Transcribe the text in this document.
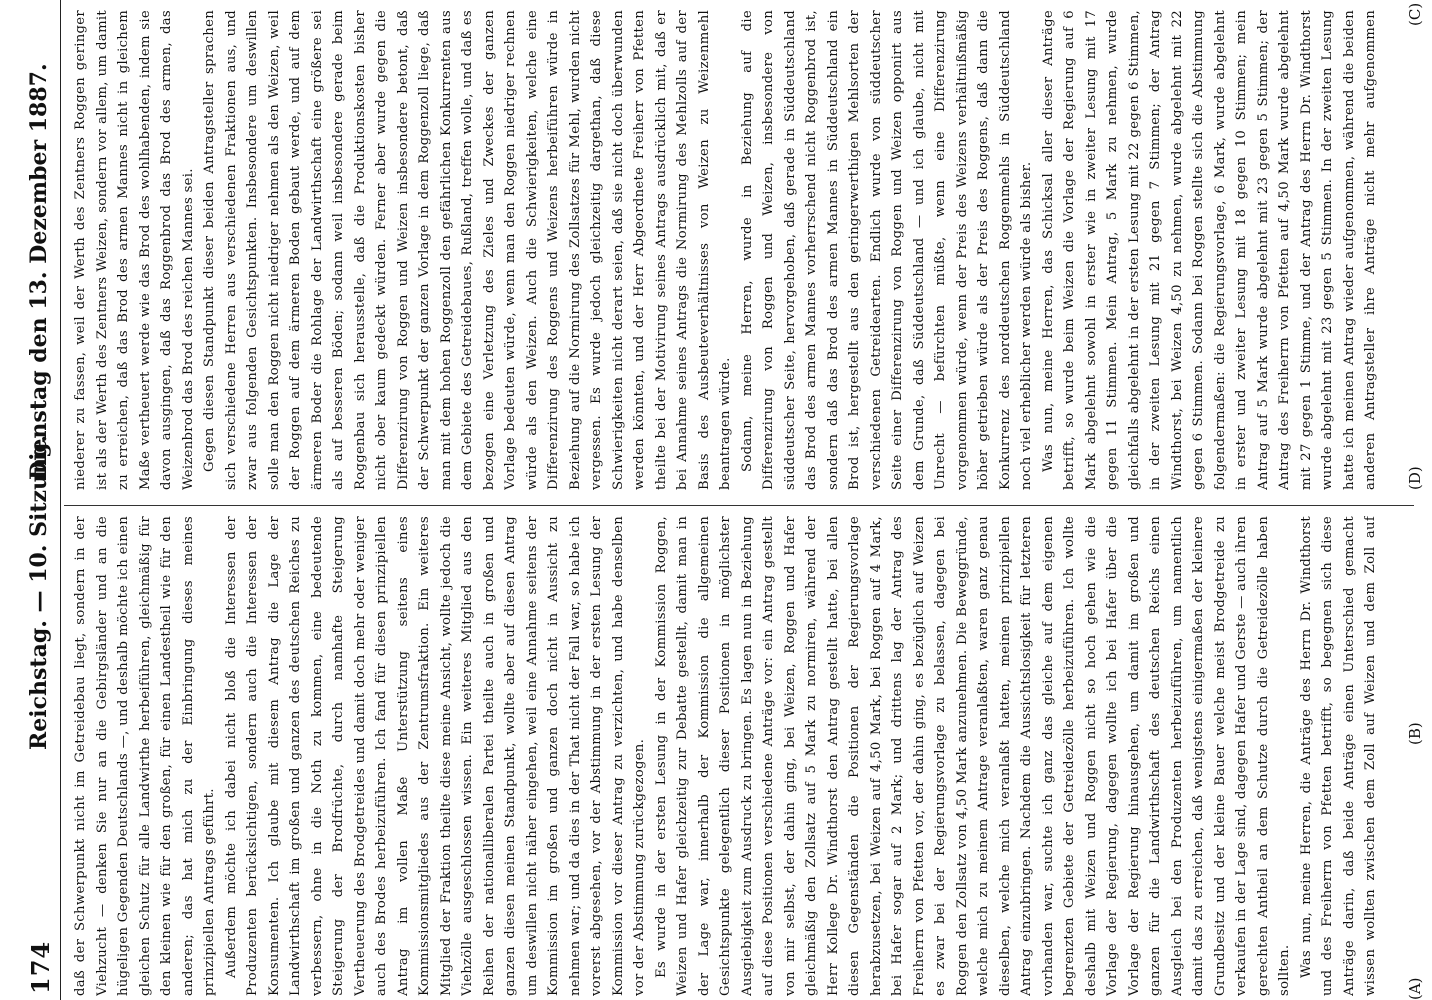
174
Reichstag. — 10. Sitzung.
Dienstag den 13. Dezember 1887.
(A)
(B)
(C)
(D)

daß der Schwerpunkt nicht im Getreidebau liegt, sondern in der Viehzucht — denken Sie nur an die Gebirgsländer und an die hügeligen Gegenden Deutschlands —, und deshalb möchte ich einen gleichen Schutz für alle Landwirthe herbeiführen, gleichmäßig für den kleinen wie für den großen, für einen Landestheil wie für den anderen; das hat mich zu der Einbringung dieses meines prinzipiellen Antrags geführt. Außerdem möchte ich dabei nicht bloß die Interessen der Produzenten berücksichtigen, sondern auch die Interessen der Konsumenten. Ich glaube mit diesem Antrag die Lage der Landwirthschaft im großen und ganzen des deutschen Reiches zu verbessern, ohne in die Noth zu kommen, eine bedeutende Steigerung der Brodfrüchte, durch namhafte Steigerung Vertheuerung des Brodgetreides und damit doch mehr oder weniger auch des Brodes herbeizuführen. Ich fand für diesen prinzipiellen Antrag im vollen Maße Unterstützung seitens eines Kommissionsmitgliedes aus der Zentrumsfraktion. Ein weiteres Mitglied der Fraktion theilte diese meine Ansicht, wollte jedoch die Viehzölle ausgeschlossen wissen. Ein weiteres Mitglied aus den Reihen der nationalliberalen Partei theilte auch in großen und ganzen diesen meinen Standpunkt, wollte aber auf diesen Antrag um deswillen nicht näher eingehen, weil eine Annahme seitens der Kommission im großen und ganzen doch nicht in Aussicht zu nehmen war; und da dies in der That nicht der Fall war, so habe ich vorerst abgesehen, vor der Abstimmung in der ersten Lesung der Kommission vor dieser Antrag zu verzichten, und habe denselben vor der Abstimmung zurückgezogen. Es wurde in der ersten Lesung in der Kommission Roggen, Weizen und Hafer gleichzeitig zur Debatte gestellt, damit man in der Lage war, innerhalb der Kommission die allgemeinen Gesichtspunkte gelegentlich dieser Positionen in möglichster Ausgiebigkeit zum Ausdruck zu bringen. Es lagen nun in Beziehung auf diese Positionen verschiedene Anträge vor: ein Antrag gestellt von mir selbst, der dahin ging, bei Weizen, Roggen und Hafer gleichmäßig den Zollsatz auf 5 Mark zu normiren, während der Herr Kollege Dr. Windthorst den Antrag gestellt hatte, bei allen diesen Gegenständen die Positionen der Regierungsvorlage herabzusetzen, bei Weizen auf 4,50 Mark, bei Roggen auf 4 Mark, bei Hafer sogar auf 2 Mark; und drittens lag der Antrag des Freiherrn von Pfetten vor, der dahin ging, es bezüglich auf Weizen es zwar bei der Regierungsvorlage zu belassen, dagegen bei Roggen den Zollsatz von 4,50 Mark anzunehmen. Die Beweggründe, welche mich zu meinem Antrage veranlaßten, waren ganz genau dieselben, welche mich veranlaßt hatten, meinen prinzipiellen Antrag einzubringen. Nachdem die Aussichtslosigkeit für letzteren vorhanden war, suchte ich ganz das gleiche auf dem eigenen begrenzten Gebiete der Getreidezölle herbeizuführen. Ich wollte deshalb mit Weizen und Roggen nicht so hoch gehen wie die Vorlage der Regierung, dagegen wollte ich bei Hafer über die Vorlage der Regierung hinausgehen, um damit im großen und ganzen für die Landwirthschaft des deutschen Reichs einen Ausgleich bei den Produzenten herbeizuführen, um namentlich damit das zu erreichen, daß wenigstens einigermaßen der kleinere Grundbesitz und der kleine Bauer welche meist Brodgetreide zu verkaufen in der Lage sind, dagegen Hafer und Gerste — auch ihren gerechten Antheil an dem Schutze durch die Getreidezölle haben sollten. Was nun, meine Herren, die Anträge des Herrn Dr. Windthorst und des Freiherrn von Pfetten betrifft, so begegnen sich diese Anträge darin, daß beide Anträge einen Unterschied gemacht wissen wollten zwischen dem Zoll auf Weizen und dem Zoll auf

niederer zu fassen, weil der Werth des Zentners Roggen geringer ist als der Werth des Zentners Weizen, sondern vor allem, um damit zu erreichen, daß das Brod des armen Mannes nicht in gleichem Maße vertheuert werde wie das Brod des wohlhabenden, indem sie davon ausgingen, daß das Roggenbrod das Brod des armen, das Weizenbrod das Brod des reichen Mannes sei. Gegen diesen Standpunkt dieser beiden Antragsteller sprachen sich verschiedene Herren aus verschiedenen Fraktionen aus, und zwar aus folgenden Gesichtspunkten. Insbesondere um deswillen solle man den Roggen nicht niedriger nehmen als den Weizen, weil der Roggen auf dem ärmeren Boden gebaut werde, und auf dem ärmeren Boder die Rohlage der Landwirthschaft eine größere sei als auf besseren Böden; sodann weil insbesondere gerade beim Roggenbau sich herausstelle, daß die Produktionskosten bisher nicht ober kaum gedeckt würden. Ferner aber wurde gegen die Differenzirung von Roggen und Weizen insbesondere betont, daß der Schwerpunkt der ganzen Vorlage in dem Roggenzoll liege, daß man mit dem hohen Roggenzoll den gefährlichen Konkurrenten aus dem Gebiete des Getreidebaues, Rußland, treffen wolle, und daß es bezogen eine Verletzung des Zieles und Zweckes der ganzen Vorlage bedeuten würde, wenn man den Roggen niedriger rechnen würde als den Weizen. Auch die Schwierigkeiten, welche eine Differenzirung des Roggens und Weizens herbeiführen würde in Beziehung auf die Normirung des Zollsatzes für Mehl, wurden nicht vergessen. Es wurde jedoch gleichzeitig dargethan, daß diese Schwierigkeiten nicht derart seien, daß sie nicht doch überwunden werden könnten, und der Herr Abgeordnete Freiherr von Pfetten theilte bei der Motivirung seines Antrags ausdrücklich mit, daß er bei Annahme seines Antrags die Normirung des Mehlzolls auf der Basis des Ausbeuteverhältnisses von Weizen zu Weizenmehl beantragen würde. Sodann, meine Herren, wurde in Beziehung auf die Differenzirung von Roggen und Weizen, insbesondere von süddeutscher Seite, hervorgehoben, daß gerade in Süddeutschland das Brod des armen Mannes vorherrschend nicht Roggenbrod ist, sondern daß das Brod des armen Mannes in Süddeutschland ein Brod ist, hergestellt aus den geringerwerthigen Mehlsorten der verschiedenen Getreidearten. Endlich wurde von süddeutscher Seite einer Differenzirung von Roggen und Weizen opponirt aus dem Grunde, daß Süddeutschland — und ich glaube, nicht mit Unrecht — befürchten müßte, wenn eine Differenzirung vorgenommen würde, wenn der Preis des Weizens verhältnißmäßig höher getrieben würde als der Preis des Roggens, daß dann die Konkurrenz des norddeutschen Roggenmehls in Süddeutschland noch viel erheblicher werden würde als bisher. Was nun, meine Herren, das Schicksal aller dieser Anträge betrifft, so wurde beim Weizen die Vorlage der Regierung auf 6 Mark abgelehnt sowohl in erster wie in zweiter Lesung mit 17 gegen 11 Stimmen. Mein Antrag, 5 Mark zu nehmen, wurde gleichfalls abgelehnt in der ersten Lesung mit 22 gegen 6 Stimmen, in der zweiten Lesung mit 21 gegen 7 Stimmen; der Antrag Windthorst, bei Weizen 4,50 zu nehmen, wurde abgelehnt mit 22 gegen 6 Stimmen. Sodann bei Roggen stellte sich die Abstimmung folgendermaßen: die Regierungsvorlage, 6 Mark, wurde abgelehnt in erster und zweiter Lesung mit 18 gegen 10 Stimmen; mein Antrag auf 5 Mark wurde abgelehnt mit 23 gegen 5 Stimmen; der Antrag des Freiherrn von Pfetten auf 4,50 Mark wurde abgelehnt mit 27 gegen 1 Stimme, und der Antrag des Herrn Dr. Windthorst wurde abgelehnt mit 23 gegen 5 Stimmen. In der zweiten Lesung hatte ich meinen Antrag wieder aufgenommen, während die beiden anderen Antragsteller ihre Anträge nicht mehr aufgenommen
